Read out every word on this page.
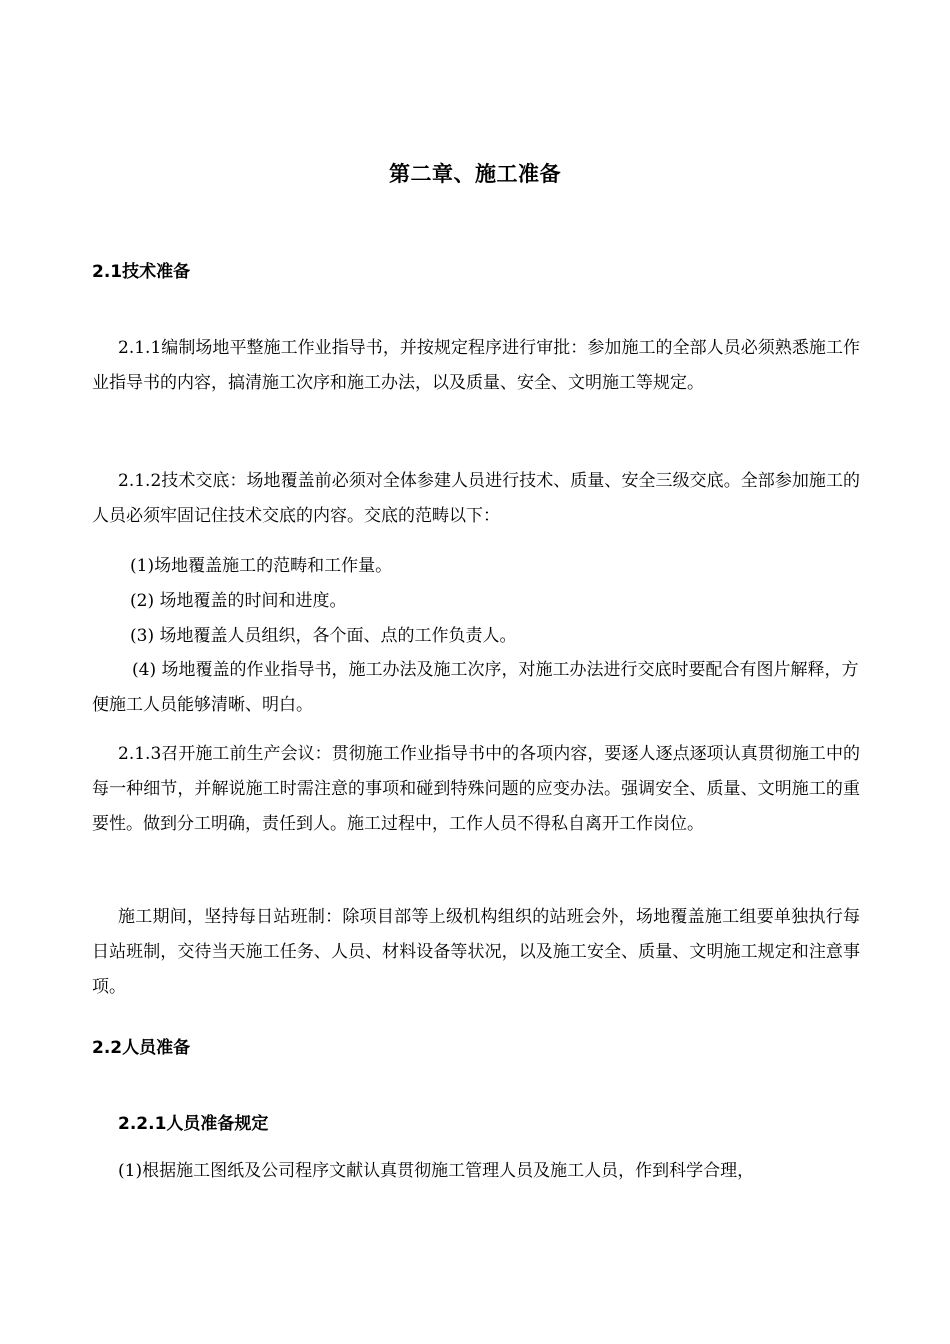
第二章、施工准备
2.1技术准备

2.1.1编制场地平整施工作业指导书，并按规定程序进行审批：参加施工的全部人员必须熟悉施工作业指导书的内容，搞清施工次序和施工办法，以及质量、安全、文明施工等规定。

2.1.2技术交底：场地覆盖前必须对全体参建人员进行技术、质量、安全三级交底。全部参加施工的人员必须牢固记住技术交底的内容。交底的范畴以下：

(1)场地覆盖施工的范畴和工作量。

(2) 场地覆盖的时间和进度。

(3) 场地覆盖人员组织，各个面、点的工作负责人。

(4) 场地覆盖的作业指导书，施工办法及施工次序，对施工办法进行交底时要配合有图片解释，方便施工人员能够清晰、明白。

2.1.3召开施工前生产会议：贯彻施工作业指导书中的各项内容，要逐人逐点逐项认真贯彻施工中的每一种细节，并解说施工时需注意的事项和碰到特殊问题的应变办法。强调安全、质量、文明施工的重要性。做到分工明确，责任到人。施工过程中，工作人员不得私自离开工作岗位。

施工期间，坚持每日站班制：除项目部等上级机构组织的站班会外，场地覆盖施工组要单独执行每日站班制，交待当天施工任务、人员、材料设备等状况，以及施工安全、质量、文明施工规定和注意事项。

2.2人员准备
2.2.1人员准备规定

(1)根据施工图纸及公司程序文献认真贯彻施工管理人员及施工人员，作到科学合理，
